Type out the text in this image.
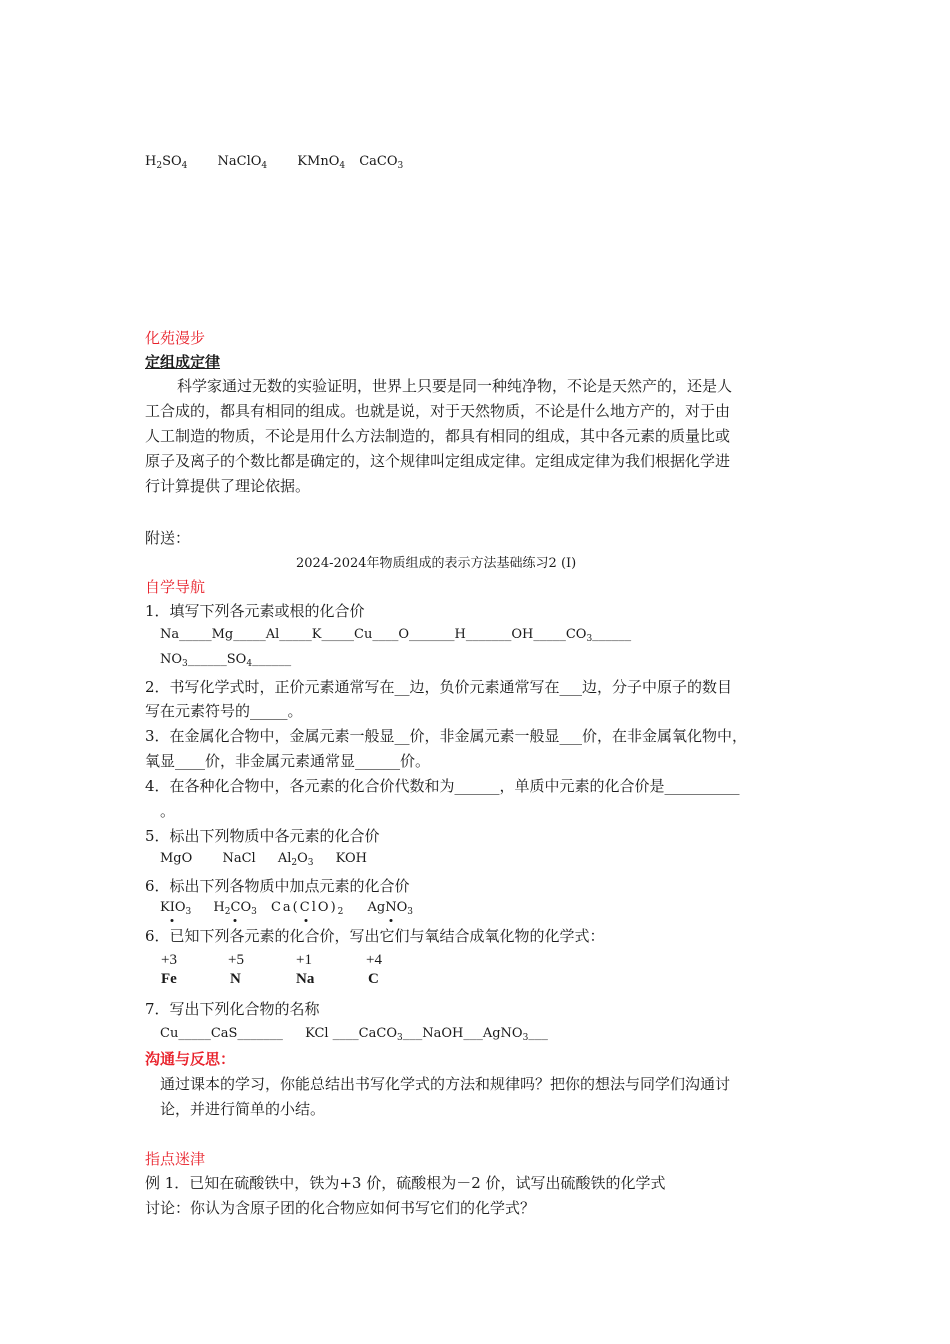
$H_2SO_4$ NaClO$_4$ KMnO$_4$ CaCO$_3$
化苑漫步
定组成定律
科学家通过无数的实验证明，世界上只要是同一种纯净物，不论是天然产的，还是人
工合成的，都具有相同的组成。也就是说，对于天然物质，不论是什么地方产的，对于由
人工制造的物质，不论是用什么方法制造的，都具有相同的组成，其中各元素的质量比或
原子及离子的个数比都是确定的，这个规律叫定组成定律。定组成定律为我们根据化学进
行计算提供了理论依据。
附送：
2024-2024年物质组成的表示方法基础练习2 (I)
自学导航
1．填写下列各元素或根的化合价
$Na\_\_\_\_\_Mg\_\_\_\_\_Al\_\_\_\_\_K\_\_\_\_\_Cu\_\_\_\_O\_\_\_\_\_\_\_H\_\_\_\_\_\_\_OH\_\_\_\_\_CO_3\_\_\_\_\_\_$
$NO_3\_\_\_\_\_\_SO_4\_\_\_\_\_\_$
2．书写化学式时，正价元素通常写在__边，负价元素通常写在___边，分子中原子的数目
写在元素符号的_____。
3．在金属化合物中，金属元素一般显__价，非金属元素一般显___价，在非金属氧化物中，
氧显____价，非金属元素通常显______价。
4．在各种化合物中，各元素的化合价代数和为______，单质中元素的化合价是__________
。
5．标出下列物质中各元素的化合价
MgO NaCl $Al_2O_3$ KOH
6．标出下列各物质中加点元素的化合价
KI
$O_3$ $H_2C$
$O_3$ Ca(C
$lO)_2$ AgN
$O_3$
6．已知下列各元素的化合价，写出它们与氧结合成氧化物的化学式：
+3
Fe
+5
N
+1
Na
+4
C
7．写出下列化合物的名称
Cu_____CaS_______ KCl ____CaCO$_3$___NaOH___AgNO$_3$___
沟通与反思：
通过课本的学习，你能总结出书写化学式的方法和规律吗？把你的想法与同学们沟通讨
论，并进行简单的小结。
指点迷津
例 1．已知在硫酸铁中，铁为+3 价，硫酸根为－2 价，试写出硫酸铁的化学式
讨论：你认为含原子团的化合物应如何书写它们的化学式？
